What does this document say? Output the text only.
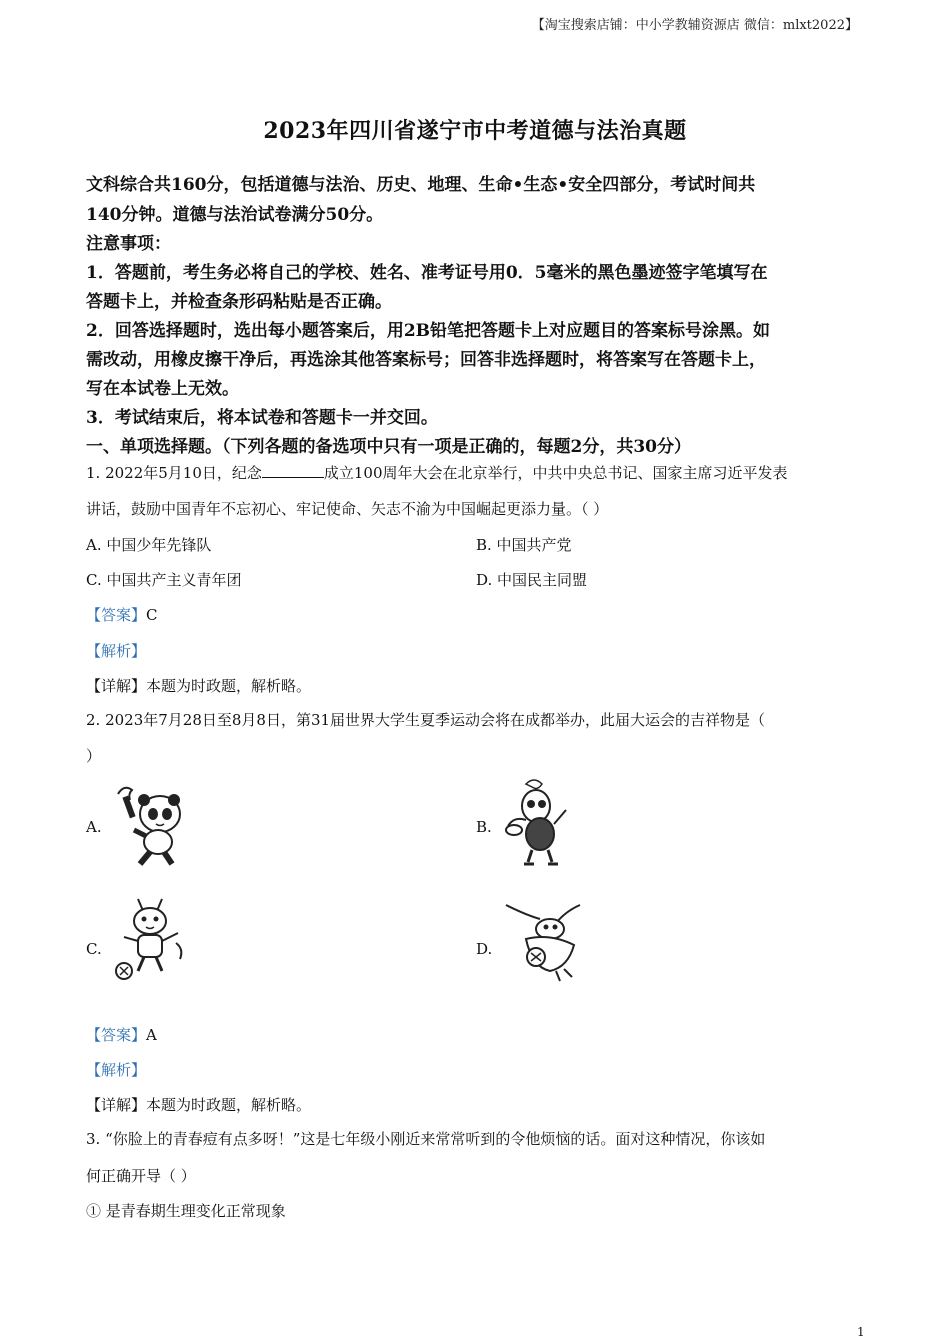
【淘宝搜索店铺：中小学教辅资源店 微信：mlxt2022】
2023年四川省遂宁市中考道德与法治真题
文科综合共160分，包括道德与法治、历史、地理、生命•生态•安全四部分，考试时间共
140分钟。道德与法治试卷满分50分。
注意事项：
1．答题前，考生务必将自己的学校、姓名、准考证号用0．5毫米的黑色墨迹签字笔填写在
答题卡上，并检查条形码粘贴是否正确。
2．回答选择题时，选出每小题答案后，用2B铅笔把答题卡上对应题目的答案标号涂黑。如
需改动，用橡皮擦干净后，再选涂其他答案标号；回答非选择题时，将答案写在答题卡上，
写在本试卷上无效。
3．考试结束后，将本试卷和答题卡一并交回。
一、单项选择题。（下列各题的备选项中只有一项是正确的，每题2分，共30分）
1. 2022年5月10日，纪念	成立100周年大会在北京举行，中共中央总书记、国家主席习近平发表
讲话，鼓励中国青年不忘初心、牢记使命、矢志不渝为中国崛起更添力量。（ ）
A. 中国少年先锋队	B. 中国共产党
C. 中国共产主义青年团	D. 中国民主同盟
【答案】C
【解析】
【详解】本题为时政题，解析略。
2. 2023年7月28日至8月8日，第31届世界大学生夏季运动会将在成都举办，此届大运会的吉祥物是（
）
A.	B.
C.	D.
【答案】A
【解析】
【详解】本题为时政题，解析略。
3. “你脸上的青春痘有点多呀！”这是七年级小刚近来常常听到的令他烦恼的话。面对这种情况，你该如
何正确开导（ ）
① 是青春期生理变化正常现象
1
